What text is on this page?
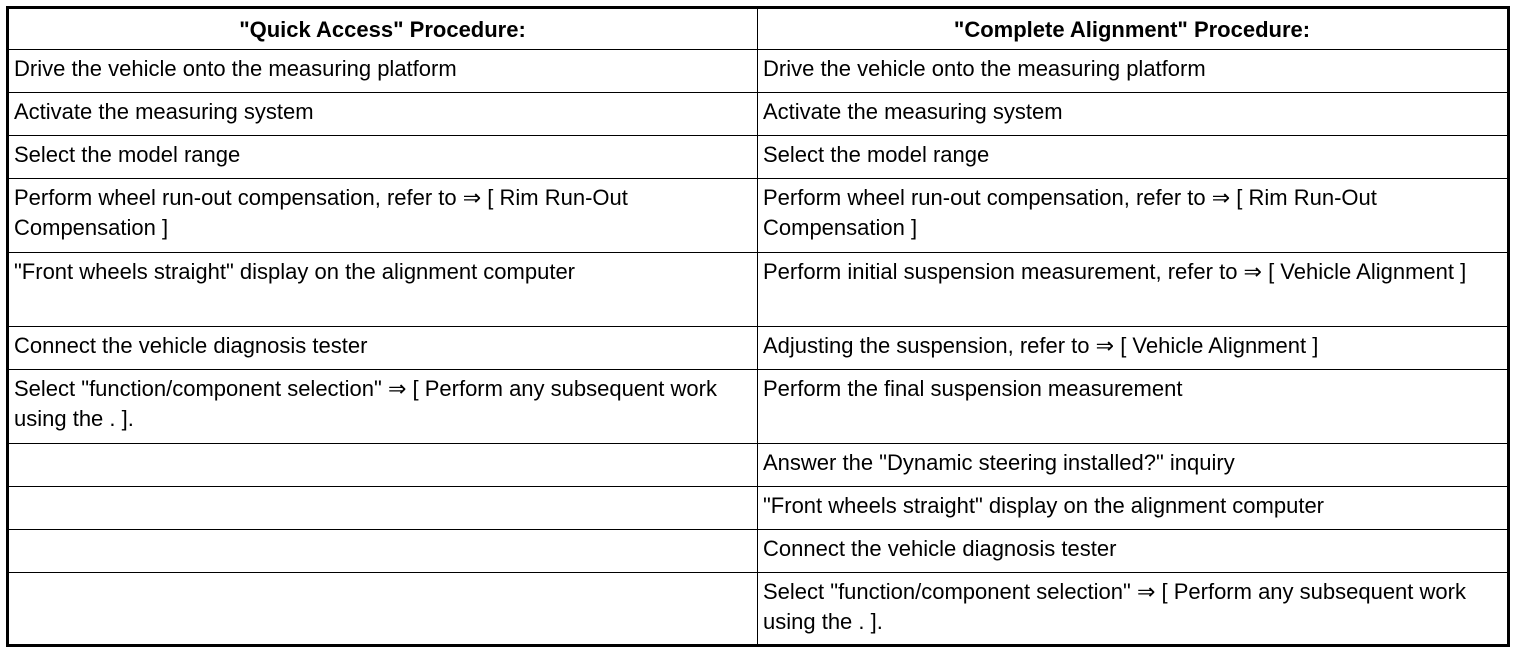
"Quick Access" Procedure:	"Complete Alignment" Procedure:
Drive the vehicle onto the measuring platform	Drive the vehicle onto the measuring platform
Activate the measuring system	Activate the measuring system
Select the model range	Select the model range
Perform wheel run-out compensation, refer to ⇒ [ Rim Run-Out Compensation ]	Perform wheel run-out compensation, refer to ⇒ [ Rim Run-Out Compensation ]
"Front wheels straight" display on the alignment computer	Perform initial suspension measurement, refer to ⇒ [ Vehicle Alignment ]
Connect the vehicle diagnosis tester	Adjusting the suspension, refer to ⇒ [ Vehicle Alignment ]
Select "function/component selection" ⇒ [ Perform any subsequent work using the . ].	Perform the final suspension measurement
	Answer the "Dynamic steering installed?" inquiry
	"Front wheels straight" display on the alignment computer
	Connect the vehicle diagnosis tester
	Select "function/component selection" ⇒ [ Perform any subsequent work using the . ].
